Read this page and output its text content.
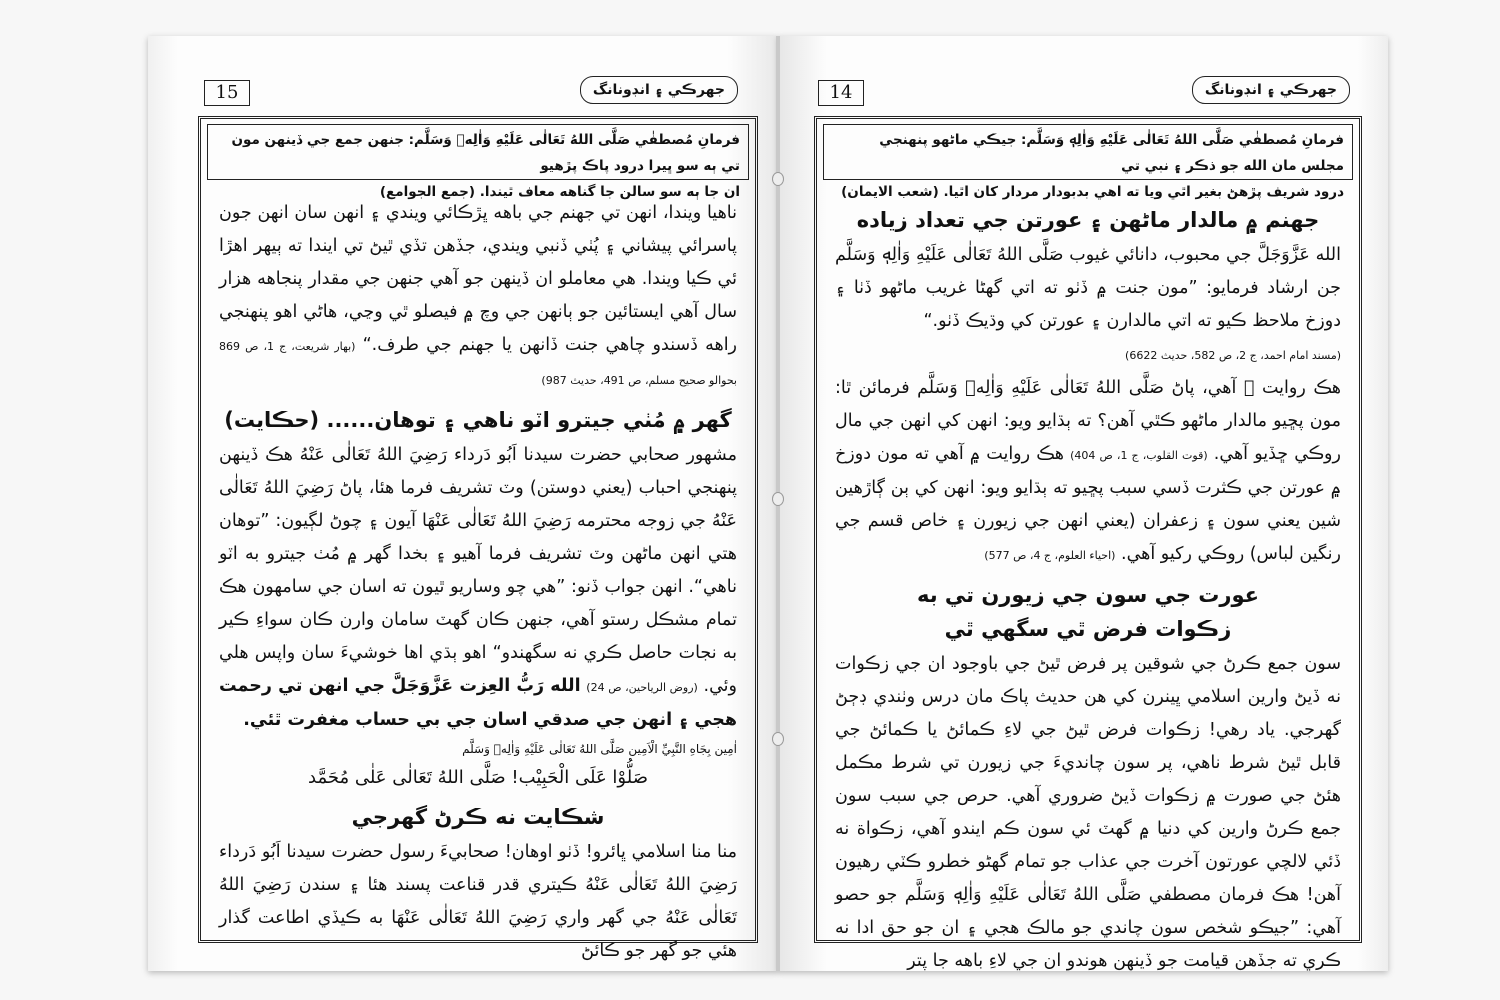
15	جهرڪي ۽ انڊونانگ
فرمانِ مُصطفٰي صَلَّى اللهُ تَعَالٰى عَلَيْهِ وَاٰلِهٖ وَسَلَّم: جنهن جمع جي ڏينهن مون تي ٻه سو ڀيرا درود پاڪ پڙهيو
ان جا ٻه سو سالن جا گناهه معاف ٿيندا. (جمع الجوامع)

ناهيا ويندا، انهن تي جهنم جي باهه ڀڙڪائي ويندي ۽ انهن سان انهن جون پاسرائي پيشاني ۽ پُٺي ڏنبي ويندي، جڏهن تڏي ٿيڻ تي ايندا ته ٻيهر اهڙا ئي ڪيا ويندا. هي معاملو ان ڏينهن جو آهي جنهن جي مقدار پنجاهه هزار سال آهي ايستائين جو ٻانهن جي وچ ۾ فيصلو ٿي وڃي، هاڻي اهو پنهنجي راهه ڏسندو چاهي جنت ڏانهن يا جهنم جي طرف.“ (بهار شريعت، ج 1، ص 869 بحوالو صحيح مسلم، ص 491، حديث 987)

گهر ۾ مُٺي جيترو اٽو ناهي ۽ توهان...... (حڪايت)

مشهور صحابي حضرت سيدنا اَبُو دَرداء رَضِيَ اللهُ تَعَالٰى عَنْهُ هڪ ڏينهن پنهنجي احباب (يعني دوستن) وٽ تشريف فرما هئا، پاڻ رَضِيَ اللهُ تَعَالٰى عَنْهُ جي زوجه محترمه رَضِيَ اللهُ تَعَالٰى عَنْهَا آيون ۽ چوڻ لڳيون: ”توهان هتي انهن ماڻهن وٽ تشريف فرما آهيو ۽ بخدا گهر ۾ مُٺ جيترو به اٽو ناهي“. انهن جواب ڏنو: ”هي چو وساريو ٿيون ته اسان جي سامهون هڪ تمام مشڪل رستو آهي، جنهن ڪان گهٽ سامان وارن ڪان سواءِ ڪير به نجات حاصل ڪري نه سگهندو“ اهو ٻڌي اها خوشيءَ سان واپس هلي وئي. (روض الرياحين، ص 24) الله رَبُّ العِزت عَزَّوَجَلَّ جي انهن تي رحمت هجي ۽ انهن جي صدقي اسان جي بي حساب مغفرت ٿئي.

اٰمِين بِجَاهِ النَّبِيِّ الْاَمِين صَلَّى اللهُ تَعَالٰى عَلَيْهِ وَاٰلِهٖ وَسَلَّم

صَلُّوْا عَلَى الْحَبِيْب! صَلَّى اللهُ تَعَالٰى عَلٰى مُحَمَّد

شڪايت نه ڪرڻ گهرجي

منا منا اسلامي ڀائرو! ڏٺو اوهان! صحابيءَ رسول حضرت سيدنا اَبُو دَرداء رَضِيَ اللهُ تَعَالٰى عَنْهُ ڪيتري قدر قناعت پسند هئا ۽ سندن رَضِيَ اللهُ تَعَالٰى عَنْهُ جي گهر واري رَضِيَ اللهُ تَعَالٰى عَنْهَا به ڪيڏي اطاعت گذار هئي جو گهر جو ڪائڻ

14	جهرڪي ۽ انڊونانگ
فرمانِ مُصطفٰي صَلَّى اللهُ تَعَالٰى عَلَيْهِ وَاٰلِهٖ وَسَلَّم: جيڪي ماڻهو پنهنجي مجلس مان الله جو ذڪر ۽ نبي تي
درود شريف پڙهڻ بغير اٿي ويا ته اهي بدبودار مردار کان اٿيا. (شعب الايمان)
جهنم ۾ مالدار ماڻهن ۽ عورتن جي تعداد زياده

الله عَزَّوَجَلَّ جي محبوب، دانائي غيوب صَلَّى اللهُ تَعَالٰى عَلَيْهِ وَاٰلِهٖ وَسَلَّم جن ارشاد فرمايو: ”مون جنت ۾ ڏٺو ته اتي گهڻا غريب ماڻهو ڏٺا ۽ دوزخ ملاحظ ڪيو ته اتي مالدارن ۽ عورتن کي وڌيڪ ڏٺو.“
(مسند امام احمد، ج 2، ص 582، حديث 6622)

هڪ روايت ۾ آهي، پاڻ صَلَّى اللهُ تَعَالٰى عَلَيْهِ وَاٰلِهٖ وَسَلَّم فرمائن ٿا: مون پڇيو مالدار ماڻهو ڪٿي آهن؟ ته ٻڌايو ويو: انهن کي انهن جي مال روڪي ڇڏيو آهي. (قوت القلوب، ج 1، ص 404) هڪ روايت ۾ آهي ته مون دوزخ ۾ عورتن جي ڪثرت ڏسي سبب پڇيو ته ٻڌايو ويو: انهن کي ٻن ڳاڙهين شين يعني سون ۽ زعفران (يعني انهن جي زيورن ۽ خاص قسم جي رنگين لباس) روڪي رکيو آهي. (احياء العلوم، ج 4، ص 577)

عورت جي سون جي زيورن تي به
زڪوات فرض ٿي سگهي ٿي

سون جمع ڪرڻ جي شوقين پر فرض ٿيڻ جي باوجود ان جي زڪوات نه ڏيڻ وارين اسلامي ڀينرن کي هن حديث پاڪ مان درس وٺندي ڊڄڻ گهرجي. ياد رهي! زڪوات فرض ٿيڻ جي لاءِ ڪمائڻ يا ڪمائڻ جي قابل ٿيڻ شرط ناهي، پر سون چانديءَ جي زيورن تي شرط مڪمل هئڻ جي صورت ۾ زڪوات ڏيڻ ضروري آهي. حرص جي سبب سون جمع ڪرڻ وارين کي دنيا ۾ گهٽ ئي سون ڪم ايندو آهي، زڪواة نه ڏئي لالچي عورتون آخرت جي عذاب جو تمام گهڻو خطرو ڪٽي رهيون آهن! هڪ فرمان مصطفي صَلَّى اللهُ تَعَالٰى عَلَيْهِ وَاٰلِهٖ وَسَلَّم جو حصو آهي: ”جيڪو شخص سون چاندي جو مالڪ هجي ۽ ان جو حق ادا نه ڪري ته جڏهن قيامت جو ڏينهن هوندو ان جي لاءِ باهه جا پتر
